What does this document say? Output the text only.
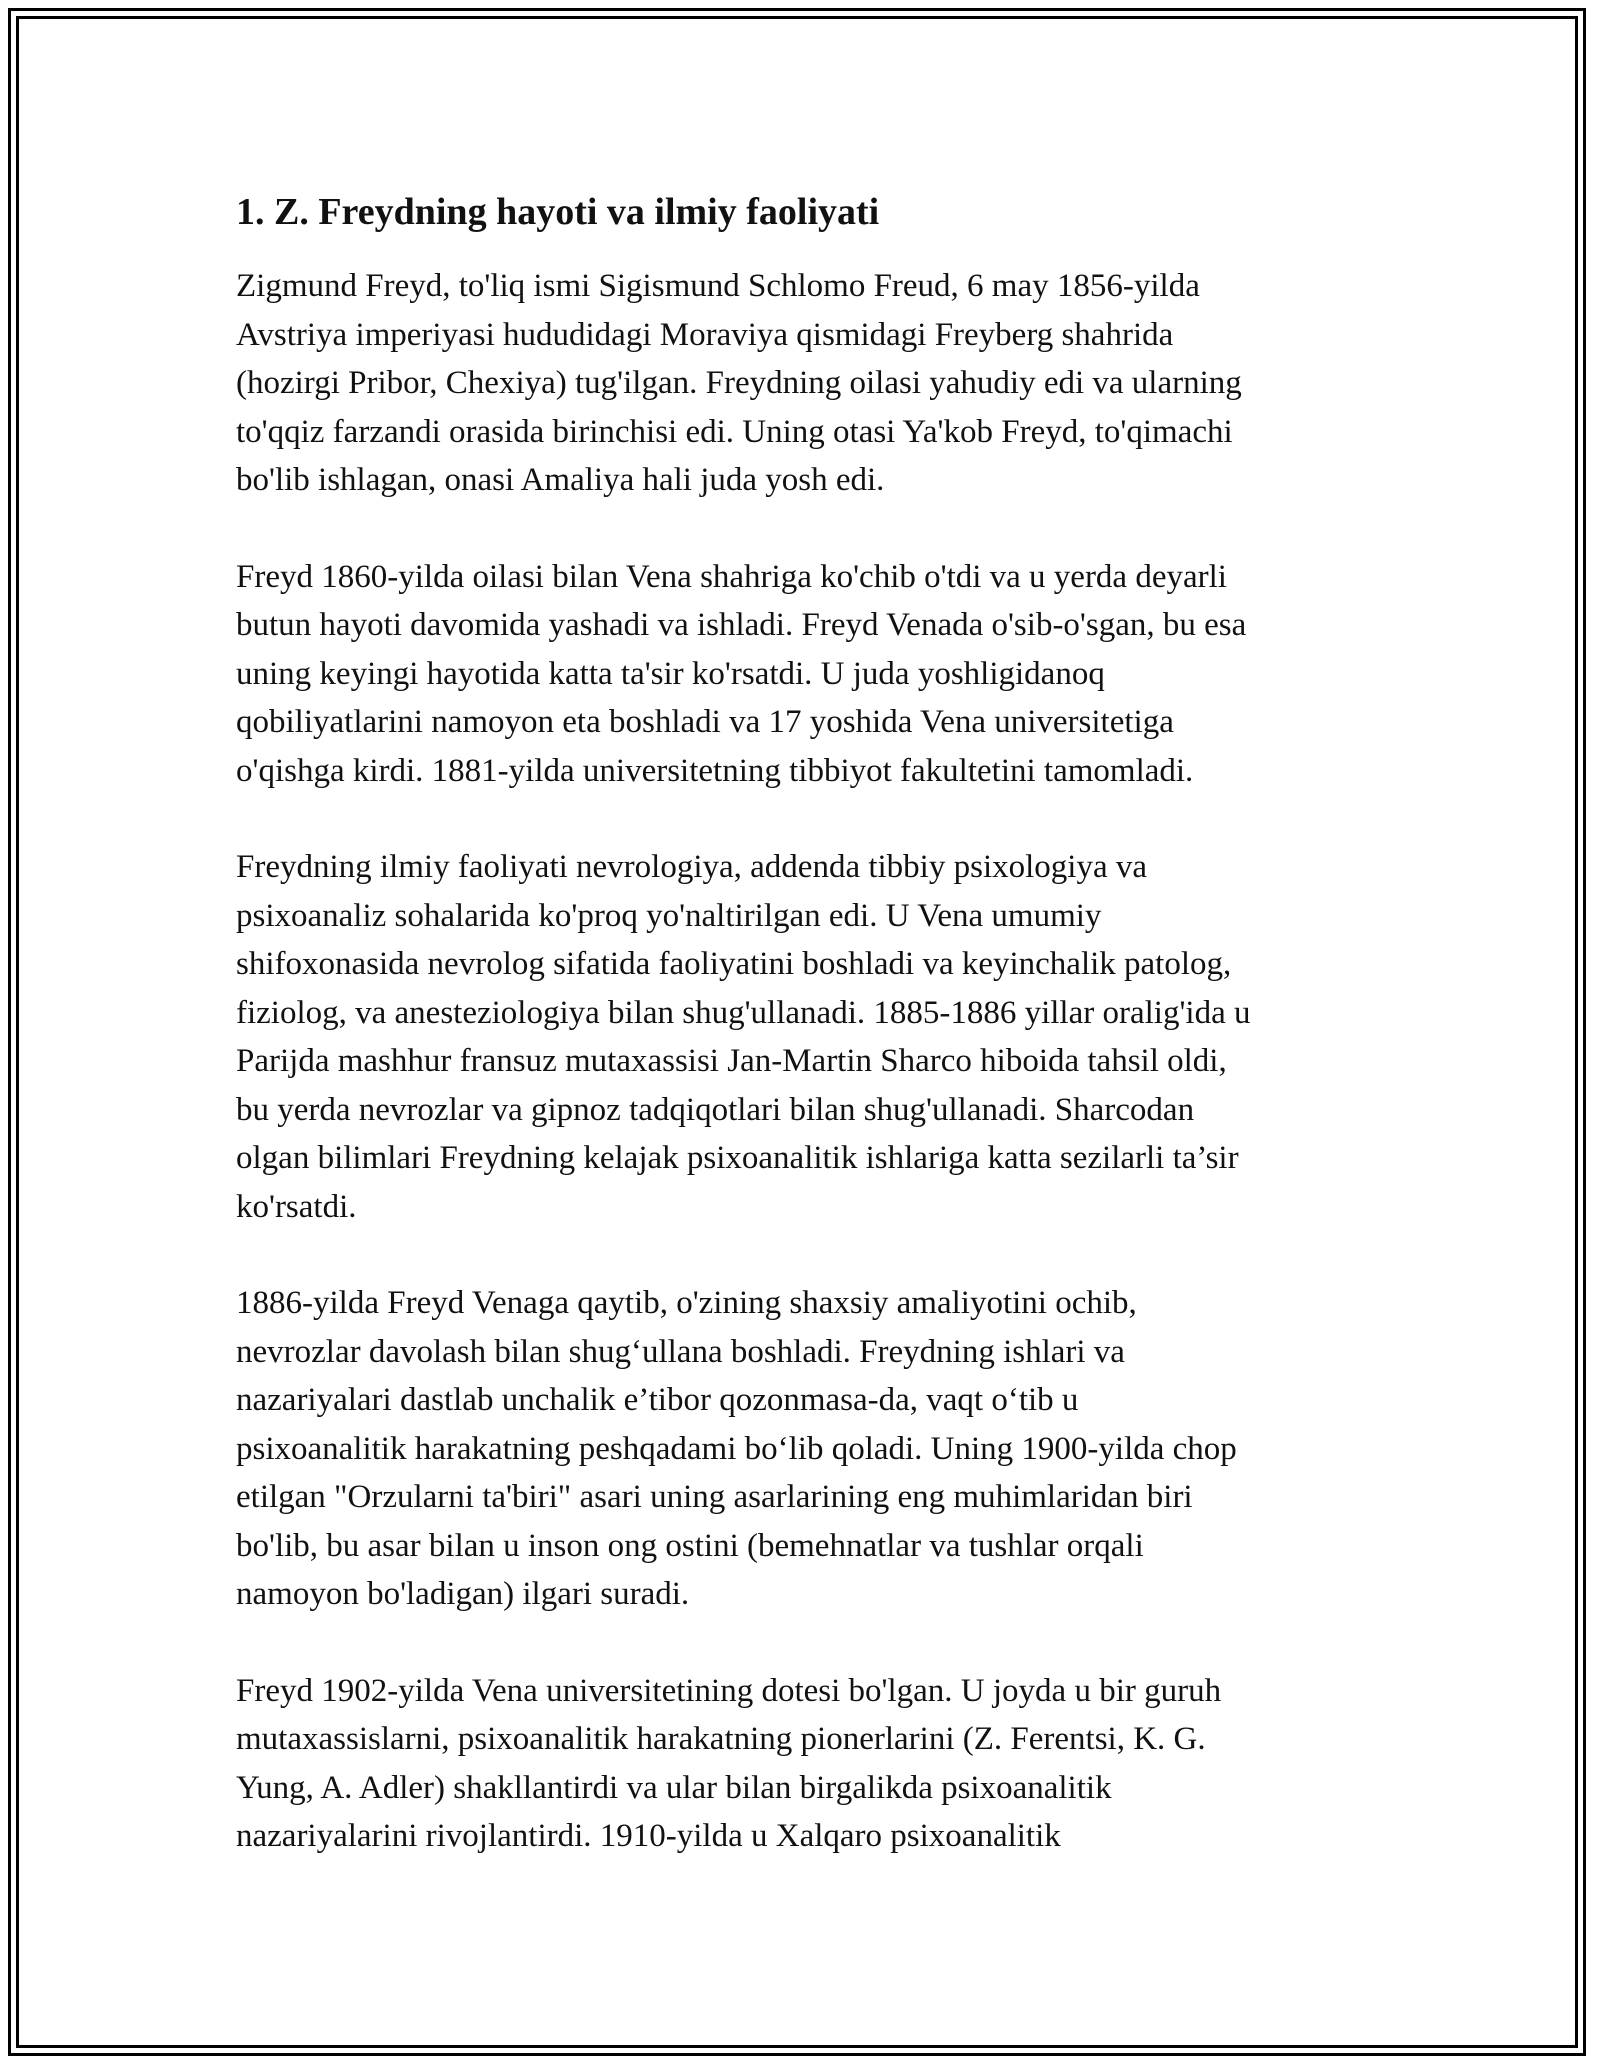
1. Z. Freydning hayoti va ilmiy faoliyati

Zigmund Freyd, to'liq ismi Sigismund Schlomo Freud, 6 may 1856-yilda
Avstriya imperiyasi hududidagi Moraviya qismidagi Freyberg shahrida
(hozirgi Pribor, Chexiya) tug'ilgan. Freydning oilasi yahudiy edi va ularning
to'qqiz farzandi orasida birinchisi edi. Uning otasi Ya'kob Freyd, to'qimachi
bo'lib ishlagan, onasi Amaliya hali juda yosh edi.

Freyd 1860-yilda oilasi bilan Vena shahriga ko'chib o'tdi va u yerda deyarli
butun hayoti davomida yashadi va ishladi. Freyd Venada o'sib-o'sgan, bu esa
uning keyingi hayotida katta ta'sir ko'rsatdi. U juda yoshligidanoq
qobiliyatlarini namoyon eta boshladi va 17 yoshida Vena universitetiga
o'qishga kirdi. 1881-yilda universitetning tibbiyot fakultetini tamomladi.

Freydning ilmiy faoliyati nevrologiya, addenda tibbiy psixologiya va
psixoanaliz sohalarida ko'proq yo'naltirilgan edi. U Vena umumiy
shifoxonasida nevrolog sifatida faoliyatini boshladi va keyinchalik patolog,
fiziolog, va anesteziologiya bilan shug'ullanadi. 1885-1886 yillar oralig'ida u
Parijda mashhur fransuz mutaxassisi Jan-Martin Sharco hiboida tahsil oldi,
bu yerda nevrozlar va gipnoz tadqiqotlari bilan shug'ullanadi. Sharcodan
olgan bilimlari Freydning kelajak psixoanalitik ishlariga katta sezilarli ta’sir
ko'rsatdi.

1886-yilda Freyd Venaga qaytib, o'zining shaxsiy amaliyotini ochib,
nevrozlar davolash bilan shug‘ullana boshladi. Freydning ishlari va
nazariyalari dastlab unchalik e’tibor qozonmasa-da, vaqt o‘tib u
psixoanalitik harakatning peshqadami bo‘lib qoladi. Uning 1900-yilda chop
etilgan "Orzularni ta'biri" asari uning asarlarining eng muhimlaridan biri
bo'lib, bu asar bilan u inson ong ostini (bemehnatlar va tushlar orqali
namoyon bo'ladigan) ilgari suradi.

Freyd 1902-yilda Vena universitetining dotesi bo'lgan. U joyda u bir guruh
mutaxassislarni, psixoanalitik harakatning pionerlarini (Z. Ferentsi, K. G.
Yung, A. Adler) shakllantirdi va ular bilan birgalikda psixoanalitik
nazariyalarini rivojlantirdi. 1910-yilda u Xalqaro psixoanalitik
